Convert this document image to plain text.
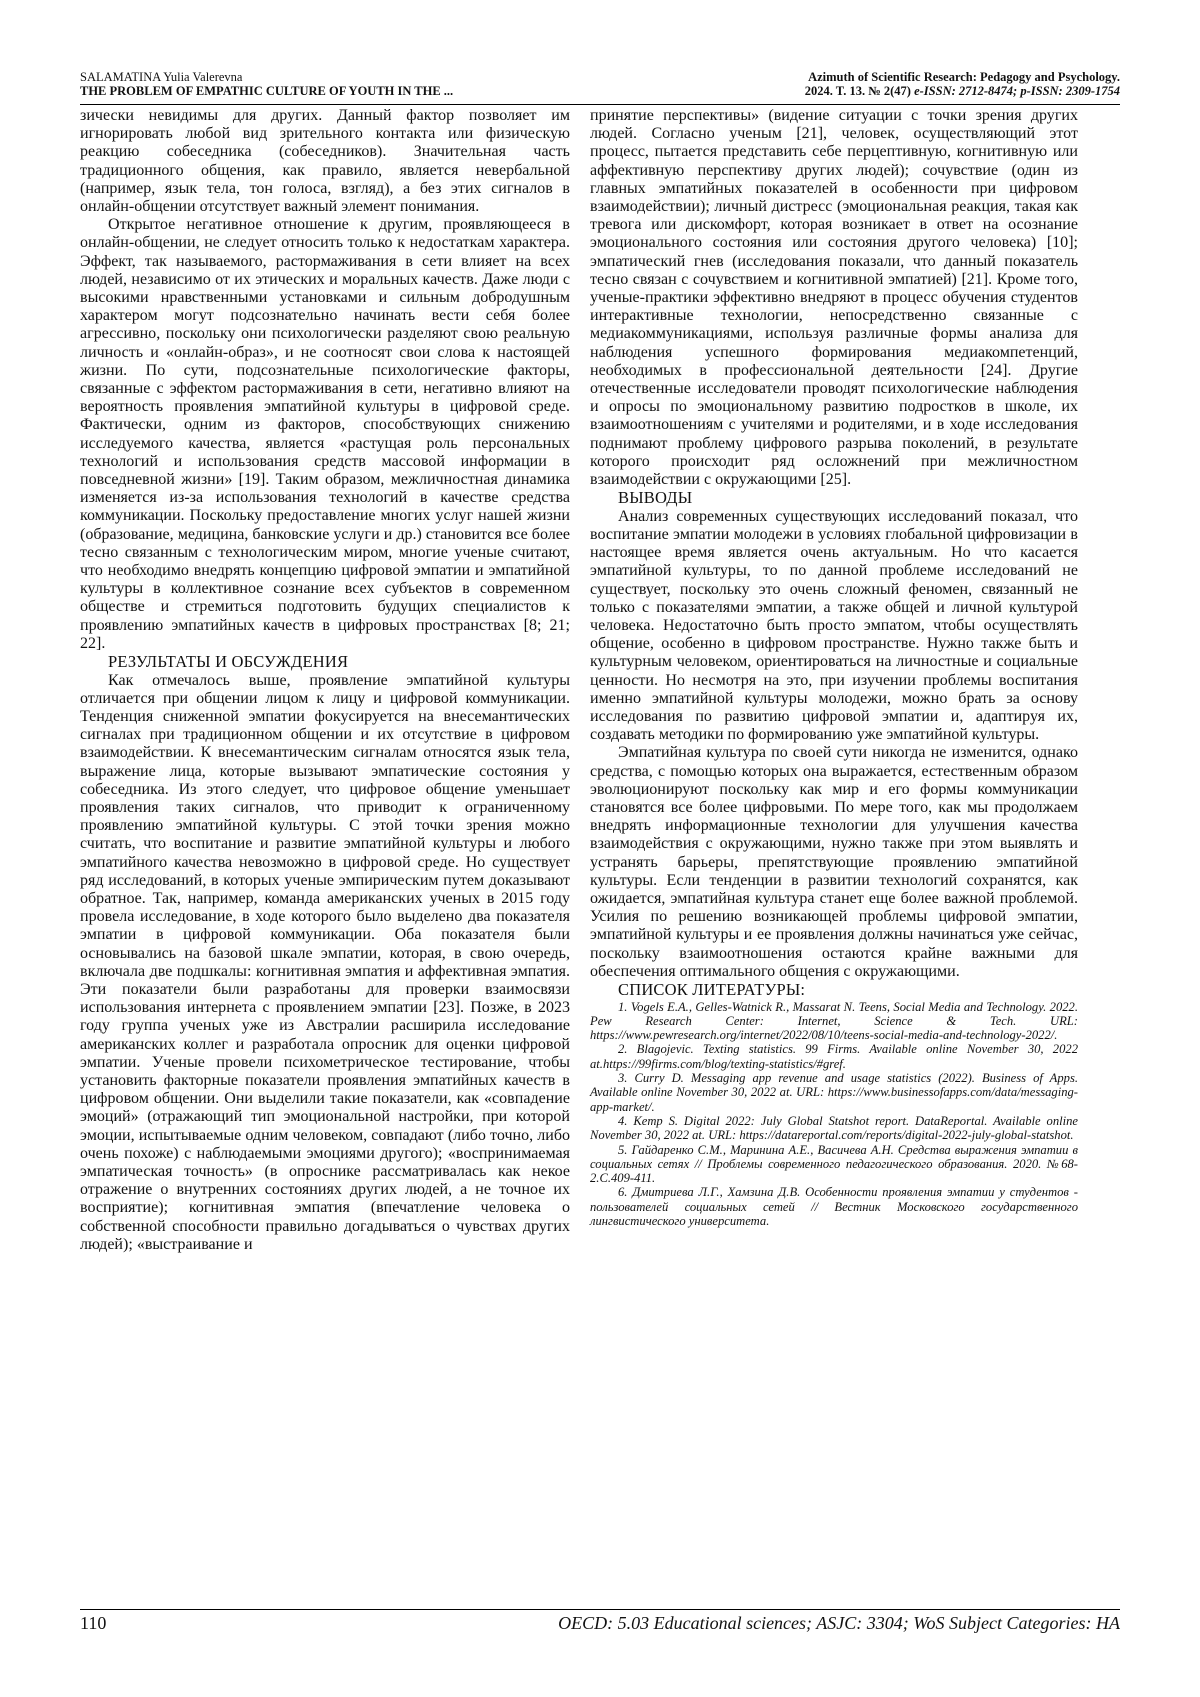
SALAMATINA Yulia Valerevna
THE PROBLEM OF EMPATHIC CULTURE OF YOUTH IN THE ...
Azimuth of Scientific Research: Pedagogy and Psychology.
2024. T. 13. № 2(47) e-ISSN: 2712-8474; p-ISSN: 2309-1754

зически невидимы для других. Данный фактор позволяет им игнорировать любой вид зрительного контакта или физическую реакцию собеседника (собеседников). Значительная часть традиционного общения, как правило, является невербальной (например, язык тела, тон голоса, взгляд), а без этих сигналов в онлайн-общении отсутствует важный элемент понимания.

Открытое негативное отношение к другим, проявляющееся в онлайн-общении, не следует относить только к недостаткам характера. Эффект, так называемого, растормаживания в сети влияет на всех людей, независимо от их этических и моральных качеств. Даже люди с высокими нравственными установками и сильным добродушным характером могут подсознательно начинать вести себя более агрессивно, поскольку они психологически разделяют свою реальную личность и «онлайн-образ», и не соотносят свои слова к настоящей жизни. По сути, подсознательные психологические факторы, связанные с эффектом растормаживания в сети, негативно влияют на вероятность проявления эмпатийной культуры в цифровой среде. Фактически, одним из факторов, способствующих снижению исследуемого качества, является «растущая роль персональных технологий и использования средств массовой информации в повседневной жизни» [19]. Таким образом, межличностная динамика изменяется из-за использования технологий в качестве средства коммуникации. Поскольку предоставление многих услуг нашей жизни (образование, медицина, банковские услуги и др.) становится все более тесно связанным с технологическим миром, многие ученые считают, что необходимо внедрять концепцию цифровой эмпатии и эмпатийной культуры в коллективное сознание всех субъектов в современном обществе и стремиться подготовить будущих специалистов к проявлению эмпатийных качеств в цифровых пространствах [8; 21; 22].

РЕЗУЛЬТАТЫ И ОБСУЖДЕНИЯ

Как отмечалось выше, проявление эмпатийной культуры отличается при общении лицом к лицу и цифровой коммуникации. Тенденция сниженной эмпатии фокусируется на внесемантических сигналах при традиционном общении и их отсутствие в цифровом взаимодействии. К внесемантическим сигналам относятся язык тела, выражение лица, которые вызывают эмпатические состояния у собеседника. Из этого следует, что цифровое общение уменьшает проявления таких сигналов, что приводит к ограниченному проявлению эмпатийной культуры. С этой точки зрения можно считать, что воспитание и развитие эмпатийной культуры и любого эмпатийного качества невозможно в цифровой среде. Но существует ряд исследований, в которых ученые эмпирическим путем доказывают обратное. Так, например, команда американских ученых в 2015 году провела исследование, в ходе которого было выделено два показателя эмпатии в цифровой коммуникации. Оба показателя были основывались на базовой шкале эмпатии, которая, в свою очередь, включала две подшкалы: когнитивная эмпатия и аффективная эмпатия. Эти показатели были разработаны для проверки взаимосвязи использования интернета с проявлением эмпатии [23]. Позже, в 2023 году группа ученых уже из Австралии расширила исследование американских коллег и разработала опросник для оценки цифровой эмпатии. Ученые провели психометрическое тестирование, чтобы установить факторные показатели проявления эмпатийных качеств в цифровом общении. Они выделили такие показатели, как «совпадение эмоций» (отражающий тип эмоциональной настройки, при которой эмоции, испытываемые одним человеком, совпадают (либо точно, либо очень похоже) с наблюдаемыми эмоциями другого); «воспринимаемая эмпатическая точность» (в опроснике рассматривалась как некое отражение о внутренних состояниях других людей, а не точное их восприятие); когнитивная эмпатия (впечатление человека о собственной способности правильно догадываться о чувствах других людей); «выстраивание и

принятие перспективы» (видение ситуации с точки зрения других людей. Согласно ученым [21], человек, осуществляющий этот процесс, пытается представить себе перцептивную, когнитивную или аффективную перспективу других людей); сочувствие (один из главных эмпатийных показателей в особенности при цифровом взаимодействии); личный дистресс (эмоциональная реакция, такая как тревога или дискомфорт, которая возникает в ответ на осознание эмоционального состояния или состояния другого человека) [10]; эмпатический гнев (исследования показали, что данный показатель тесно связан с сочувствием и когнитивной эмпатией) [21]. Кроме того, ученые-практики эффективно внедряют в процесс обучения студентов интерактивные технологии, непосредственно связанные с медиакоммуникациями, используя различные формы анализа для наблюдения успешного формирования медиакомпетенций, необходимых в профессиональной деятельности [24]. Другие отечественные исследователи проводят психологические наблюдения и опросы по эмоциональному развитию подростков в школе, их взаимоотношениям с учителями и родителями, и в ходе исследования поднимают проблему цифрового разрыва поколений, в результате которого происходит ряд осложнений при межличностном взаимодействии с окружающими [25].

ВЫВОДЫ

Анализ современных существующих исследований показал, что воспитание эмпатии молодежи в условиях глобальной цифровизации в настоящее время является очень актуальным. Но что касается эмпатийной культуры, то по данной проблеме исследований не существует, поскольку это очень сложный феномен, связанный не только с показателями эмпатии, а также общей и личной культурой человека. Недостаточно быть просто эмпатом, чтобы осуществлять общение, особенно в цифровом пространстве. Нужно также быть и культурным человеком, ориентироваться на личностные и социальные ценности. Но несмотря на это, при изучении проблемы воспитания именно эмпатийной культуры молодежи, можно брать за основу исследования по развитию цифровой эмпатии и, адаптируя их, создавать методики по формированию уже эмпатийной культуры.

Эмпатийная культура по своей сути никогда не изменится, однако средства, с помощью которых она выражается, естественным образом эволюционируют поскольку как мир и его формы коммуникации становятся все более цифровыми. По мере того, как мы продолжаем внедрять информационные технологии для улучшения качества взаимодействия с окружающими, нужно также при этом выявлять и устранять барьеры, препятствующие проявлению эмпатийной культуры. Если тенденции в развитии технологий сохранятся, как ожидается, эмпатийная культура станет еще более важной проблемой. Усилия по решению возникающей проблемы цифровой эмпатии, эмпатийной культуры и ее проявления должны начинаться уже сейчас, поскольку взаимоотношения остаются крайне важными для обеспечения оптимального общения с окружающими.

СПИСОК ЛИТЕРАТУРЫ:

1. Vogels E.A., Gelles-Watnick R., Massarat N. Teens, Social Media and Technology. 2022. Pew Research Center: Internet, Science & Tech. URL: https://www.pewresearch.org/internet/2022/08/10/teens-social-media-and-technology-2022/.

2. Blagojevic. Texting statistics. 99 Firms. Available online November 30, 2022 at.https://99firms.com/blog/texting-statistics/#gref.

3. Curry D. Messaging app revenue and usage statistics (2022). Business of Apps. Available online November 30, 2022 at. URL: https://www.businessofapps.com/data/messaging-app-market/.

4. Kemp S. Digital 2022: July Global Statshot report. DataReportal. Available online November 30, 2022 at. URL: https://datareportal.com/reports/digital-2022-july-global-statshot.

5. Гайдаренко С.М., Маринина А.Е., Васичева А.Н. Средства выражения эмпатии в социальных сетях // Проблемы современного педагогического образования. 2020. №68-2.С.409-411.

6. Дмитриева Л.Г., Хамзина Д.В. Особенности проявления эмпатии у студентов - пользователей социальных сетей // Вестник Московского государственного лингвистического университета.

110	OECD: 5.03 Educational sciences; ASJC: 3304; WoS Subject Categories: HA
